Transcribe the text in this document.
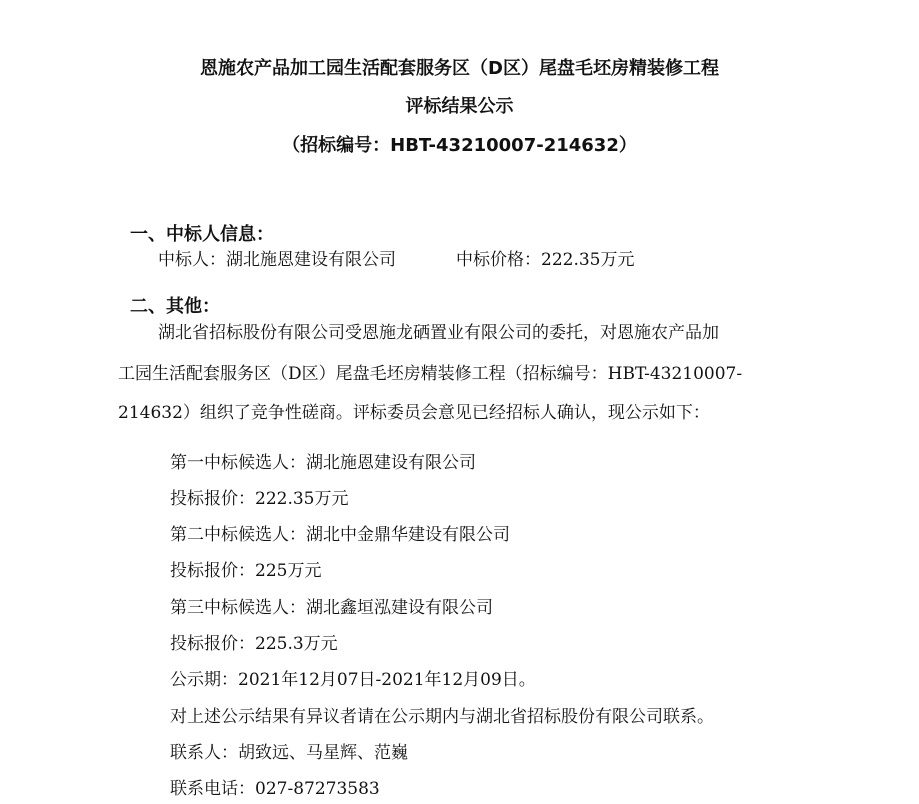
恩施农产品加工园生活配套服务区（D区）尾盘毛坯房精装修工程
评标结果公示
（招标编号：HBT-43210007-214632）
一、中标人信息：
中标人：湖北施恩建设有限公司	中标价格：222.35万元
二、其他：
湖北省招标股份有限公司受恩施龙硒置业有限公司的委托，对恩施农产品加
工园生活配套服务区（D区）尾盘毛坯房精装修工程（招标编号：HBT-43210007-
214632）组织了竞争性磋商。评标委员会意见已经招标人确认，现公示如下：
第一中标候选人：湖北施恩建设有限公司
投标报价：222.35万元
第二中标候选人：湖北中金鼎华建设有限公司
投标报价：225万元
第三中标候选人：湖北鑫垣泓建设有限公司
投标报价：225.3万元
公示期：2021年12月07日-2021年12月09日。
对上述公示结果有异议者请在公示期内与湖北省招标股份有限公司联系。
联系人：胡致远、马星辉、范巍
联系电话：027-87273583
